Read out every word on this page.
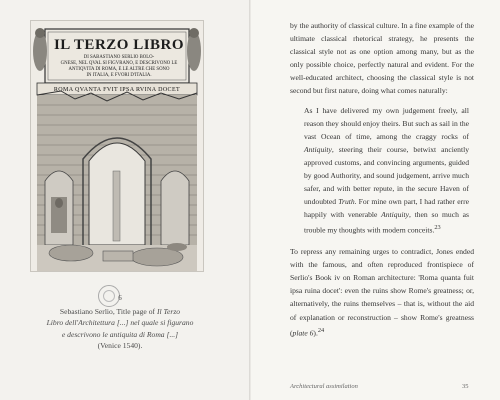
IL TERZO LIBRO
DI SABASTIANO SERLIO BOLO-
GNESE, NEL QVAL SI FIGVRANO, E DESCRIVONO LE
ANTIQVITA DI ROMA, E LE ALTRE CHE SONO
IN ITALIA, E FVORI D'ITALIA.
ROMA QVANTA FVIT IPSA RVINA DOCET
6
Sebastiano Serlio, Title page of Il Terzo
Libro dell'Architettura [...] nel quale si figurano
e descrivono le antiquita di Roma [...]
(Venice 1540).

by the authority of classical culture. In a fine example of the ultimate classical rhetorical strategy, he presents the classical style not as one option among many, but as the only possible choice, perfectly natural and evident. For the well-educated architect, choosing the classical style is not second but first nature, doing what comes naturally:

As I have delivered my own judgement freely, all reason they should enjoy theirs. But such as sail in the vast Ocean of time, among the craggy rocks of Antiquity, steering their course, betwixt anciently approved customs, and convincing arguments, guided by good Authority, and sound judgement, arrive much safer, and with better repute, in the secure Haven of undoubted Truth. For mine own part, I had rather erre happily with venerable Antiquity, then so much as trouble my thoughts with modern conceits.$^{23}$

To repress any remaining urges to contradict, Jones ended with the famous, and often reproduced frontispiece of Serlio's Book iv on Roman architecture: 'Roma quanta fuit ipsa ruina docet': even the ruins show Rome's greatness; or, alternatively, the ruins themselves – that is, without the aid of explanation or reconstruction – show Rome's greatness (plate 6).$^{24}$

Architectural assimilation	35
